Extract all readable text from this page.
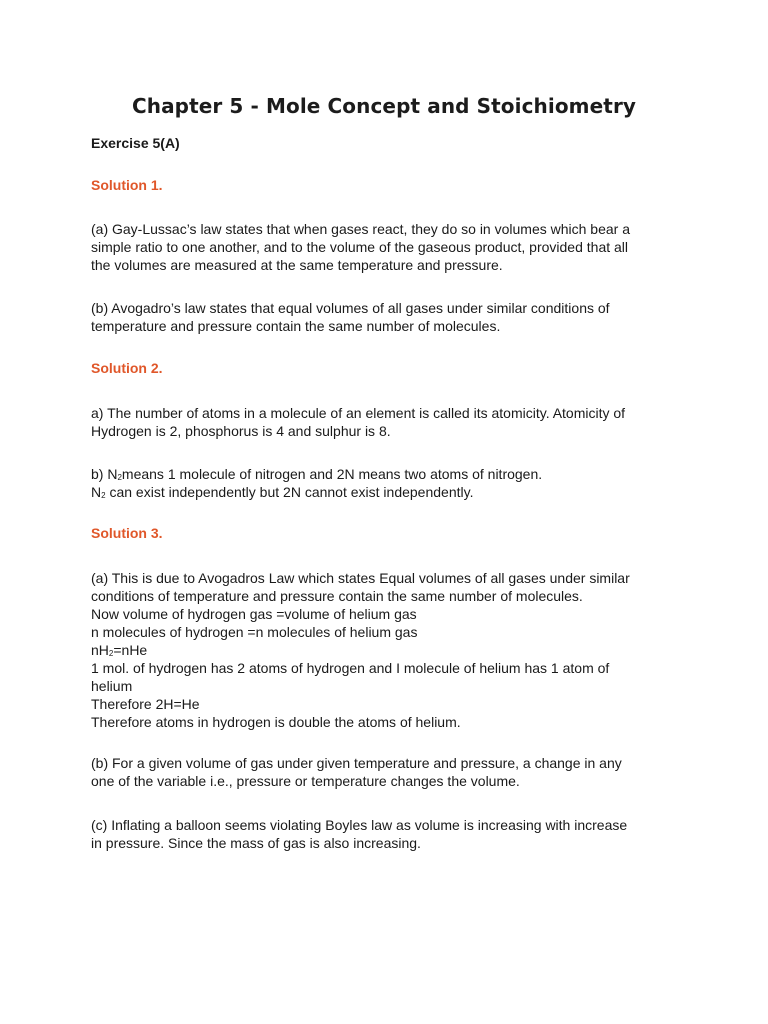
Chapter 5 - Mole Concept and Stoichiometry
Exercise 5(A)
Solution 1.
(a) Gay-Lussac’s law states that when gases react, they do so in volumes which bear a
simple ratio to one another, and to the volume of the gaseous product, provided that all
the volumes are measured at the same temperature and pressure.
(b) Avogadro’s law states that equal volumes of all gases under similar conditions of
temperature and pressure contain the same number of molecules.
Solution 2.
a) The number of atoms in a molecule of an element is called its atomicity. Atomicity of
Hydrogen is 2, phosphorus is 4 and sulphur is 8.
b) $N_2means$ 1 molecule of nitrogen and 2N means two atoms of nitrogen.
$N_2$ can exist independently but 2N cannot exist independently.
Solution 3.
(a) This is due to Avogadros Law which states Equal volumes of all gases under similar
conditions of temperature and pressure contain the same number of molecules.
Now volume of hydrogen gas =volume of helium gas
n molecules of hydrogen =n molecules of helium gas
$nH_2=nHe$
1 mol. of hydrogen has 2 atoms of hydrogen and I molecule of helium has 1 atom of
helium
Therefore 2H=He
Therefore atoms in hydrogen is double the atoms of helium.
(b) For a given volume of gas under given temperature and pressure, a change in any
one of the variable i.e., pressure or temperature changes the volume.
(c) Inflating a balloon seems violating Boyles law as volume is increasing with increase
in pressure. Since the mass of gas is also increasing.
